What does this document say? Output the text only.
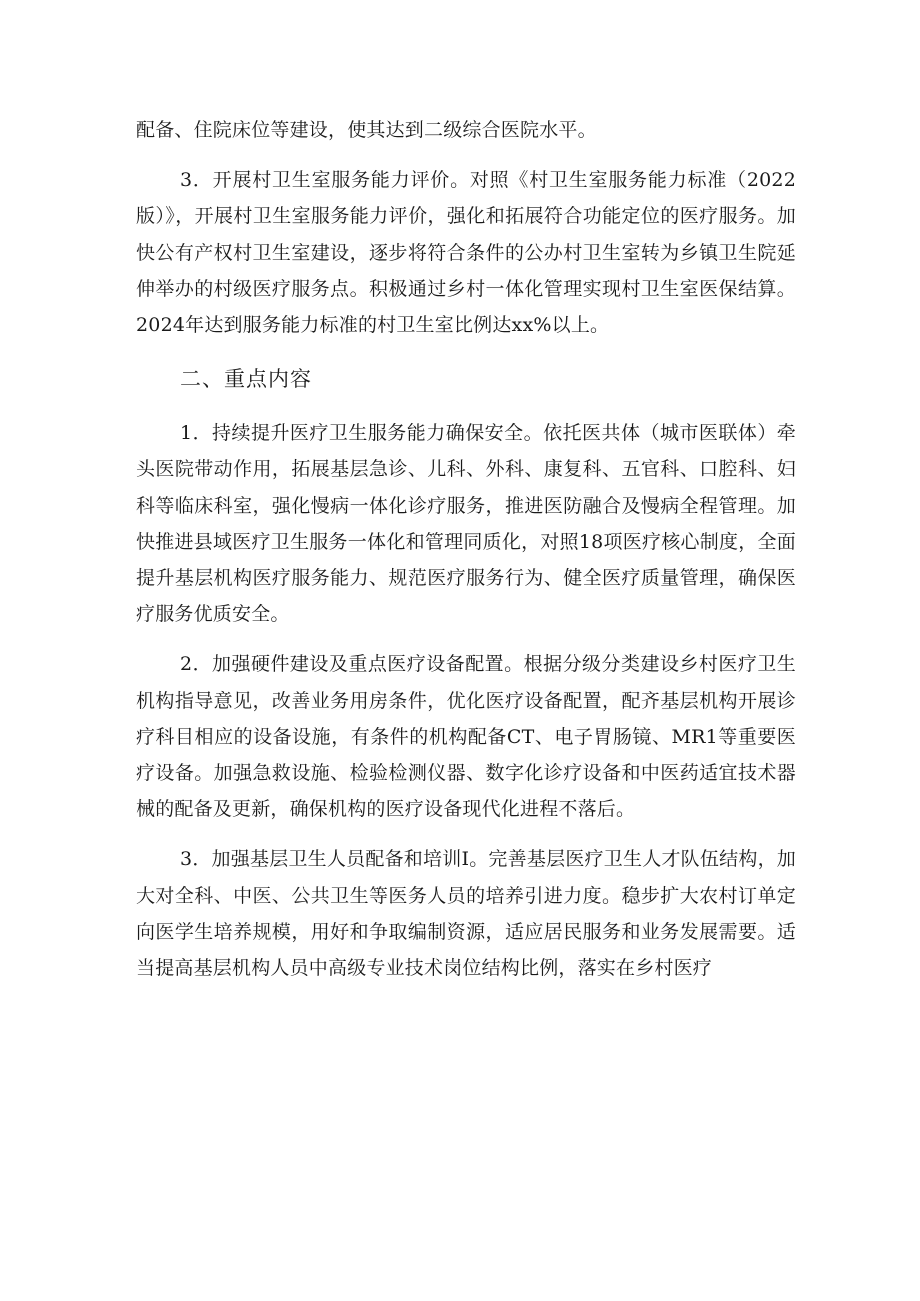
配备、住院床位等建设，使其达到二级综合医院水平。

3．开展村卫生室服务能力评价。对照《村卫生室服务能力标准（2022版）》，开展村卫生室服务能力评价，强化和拓展符合功能定位的医疗服务。加快公有产权村卫生室建设，逐步将符合条件的公办村卫生室转为乡镇卫生院延伸举办的村级医疗服务点。积极通过乡村一体化管理实现村卫生室医保结算。2024年达到服务能力标准的村卫生室比例达xx%以上。

二、重点内容

1．持续提升医疗卫生服务能力确保安全。依托医共体（城市医联体）牵头医院带动作用，拓展基层急诊、儿科、外科、康复科、五官科、口腔科、妇科等临床科室，强化慢病一体化诊疗服务，推进医防融合及慢病全程管理。加快推进县域医疗卫生服务一体化和管理同质化，对照18项医疗核心制度，全面提升基层机构医疗服务能力、规范医疗服务行为、健全医疗质量管理，确保医疗服务优质安全。

2．加强硬件建设及重点医疗设备配置。根据分级分类建设乡村医疗卫生机构指导意见，改善业务用房条件，优化医疗设备配置，配齐基层机构开展诊疗科目相应的设备设施，有条件的机构配备CT、电子胃肠镜、MR1等重要医疗设备。加强急救设施、检验检测仪器、数字化诊疗设备和中医药适宜技术器械的配备及更新，确保机构的医疗设备现代化进程不落后。

3．加强基层卫生人员配备和培训I。完善基层医疗卫生人才队伍结构，加大对全科、中医、公共卫生等医务人员的培养引进力度。稳步扩大农村订单定向医学生培养规模，用好和争取编制资源，适应居民服务和业务发展需要。适当提高基层机构人员中高级专业技术岗位结构比例，落实在乡村医疗
